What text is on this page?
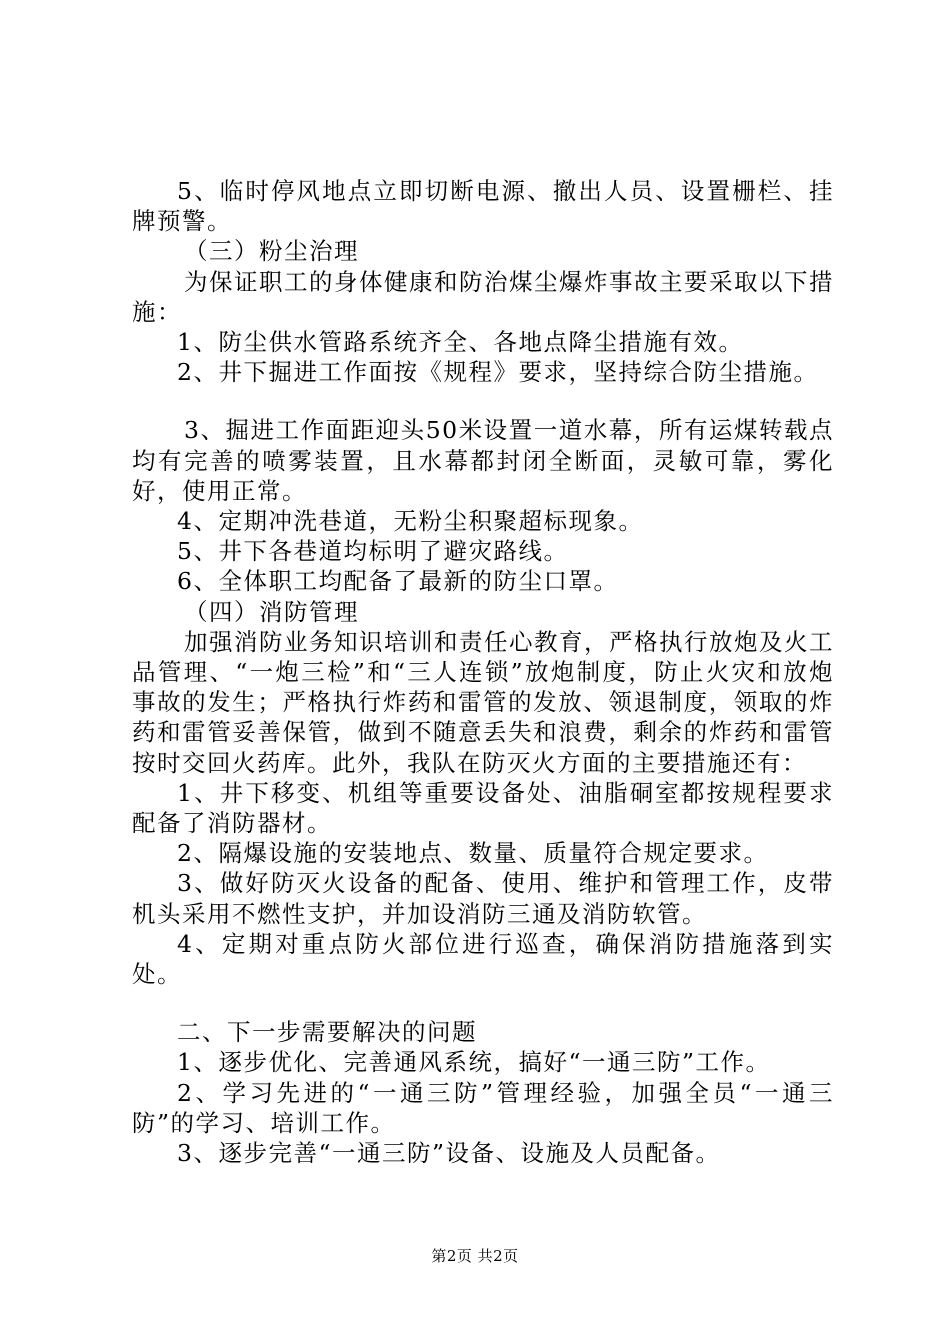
5、临时停风地点立即切断电源、撤出人员、设置栅栏、挂牌预警。

（三）粉尘治理

为保证职工的身体健康和防治煤尘爆炸事故主要采取以下措施：

1、防尘供水管路系统齐全、各地点降尘措施有效。

2、井下掘进工作面按《规程》要求，坚持综合防尘措施。

3、掘进工作面距迎头50米设置一道水幕，所有运煤转载点均有完善的喷雾装置，且水幕都封闭全断面，灵敏可靠，雾化好，使用正常。

4、定期冲洗巷道，无粉尘积聚超标现象。

5、井下各巷道均标明了避灾路线。

6、全体职工均配备了最新的防尘口罩。

（四）消防管理

加强消防业务知识培训和责任心教育，严格执行放炮及火工品管理、“一炮三检”和“三人连锁”放炮制度，防止火灾和放炮事故的发生；严格执行炸药和雷管的发放、领退制度，领取的炸药和雷管妥善保管，做到不随意丢失和浪费，剩余的炸药和雷管按时交回火药库。此外，我队在防灭火方面的主要措施还有：

1、井下移变、机组等重要设备处、油脂硐室都按规程要求配备了消防器材。

2、隔爆设施的安装地点、数量、质量符合规定要求。

3、做好防灭火设备的配备、使用、维护和管理工作，皮带机头采用不燃性支护，并加设消防三通及消防软管。

4、定期对重点防火部位进行巡查，确保消防措施落到实处。

二、下一步需要解决的问题

1、逐步优化、完善通风系统，搞好“一通三防”工作。

2、学习先进的“一通三防”管理经验，加强全员“一通三防”的学习、培训工作。

3、逐步完善“一通三防”设备、设施及人员配备。

第2页 共2页
